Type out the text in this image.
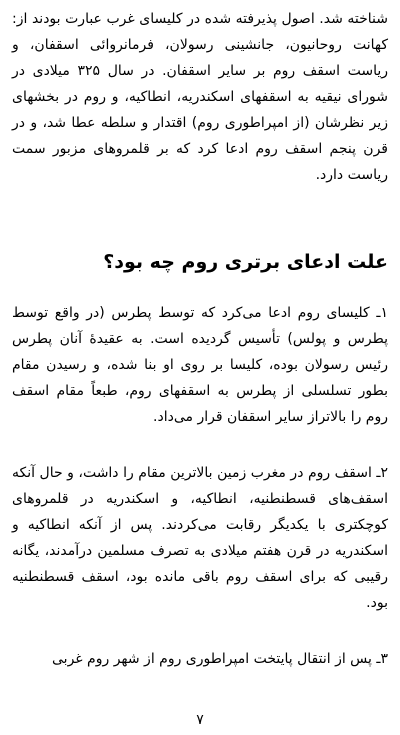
شناخته شد. اصول پذیرفته شده در کلیسای غرب عبارت بودند از: کهانت روحانیون، جانشینی رسولان، فرمانروائی اسقفان، و ریاست اسقف روم بر سایر اسقفان. در سال ۳۲۵ میلادی در شورای نیقیه به اسقفهای اسکندریه، انطاکیه، و روم در بخشهای زیر نظرشان (از امپراطوری روم) اقتدار و سلطه عطا شد، و در قرن پنجم اسقف روم ادعا کرد که بر قلمروهای مزبور سمت ریاست دارد.

علت ادعای برتری روم چه بود؟

۱ـ کلیسای روم ادعا می‌کرد که توسط پطرس (در واقع توسط پطرس و پولس) تأسیس گردیده است. به عقیدهٔ آنان پطرس رئیس رسولان بوده، کلیسا بر روی او بنا شده، و رسیدن مقام بطور تسلسلی از پطرس به اسقفهای روم، طبعاً مقام اسقف روم را بالاتراز سایر اسقفان قرار می‌داد.

۲ـ اسقف روم در مغرب زمین بالاترین مقام را داشت، و حال آنکه اسقف‌های قسطنطنیه، انطاکیه، و اسکندریه در قلمروهای کوچکتری با یکدیگر رقابت می‌کردند. پس از آنکه انطاکیه و اسکندریه در قرن هفتم میلادی به تصرف مسلمین درآمدند، یگانه رقیبی که برای اسقف روم باقی مانده بود، اسقف قسطنطنیه بود.

۳ـ پس از انتقال پایتخت امپراطوری روم از شهر روم غربی

۷
